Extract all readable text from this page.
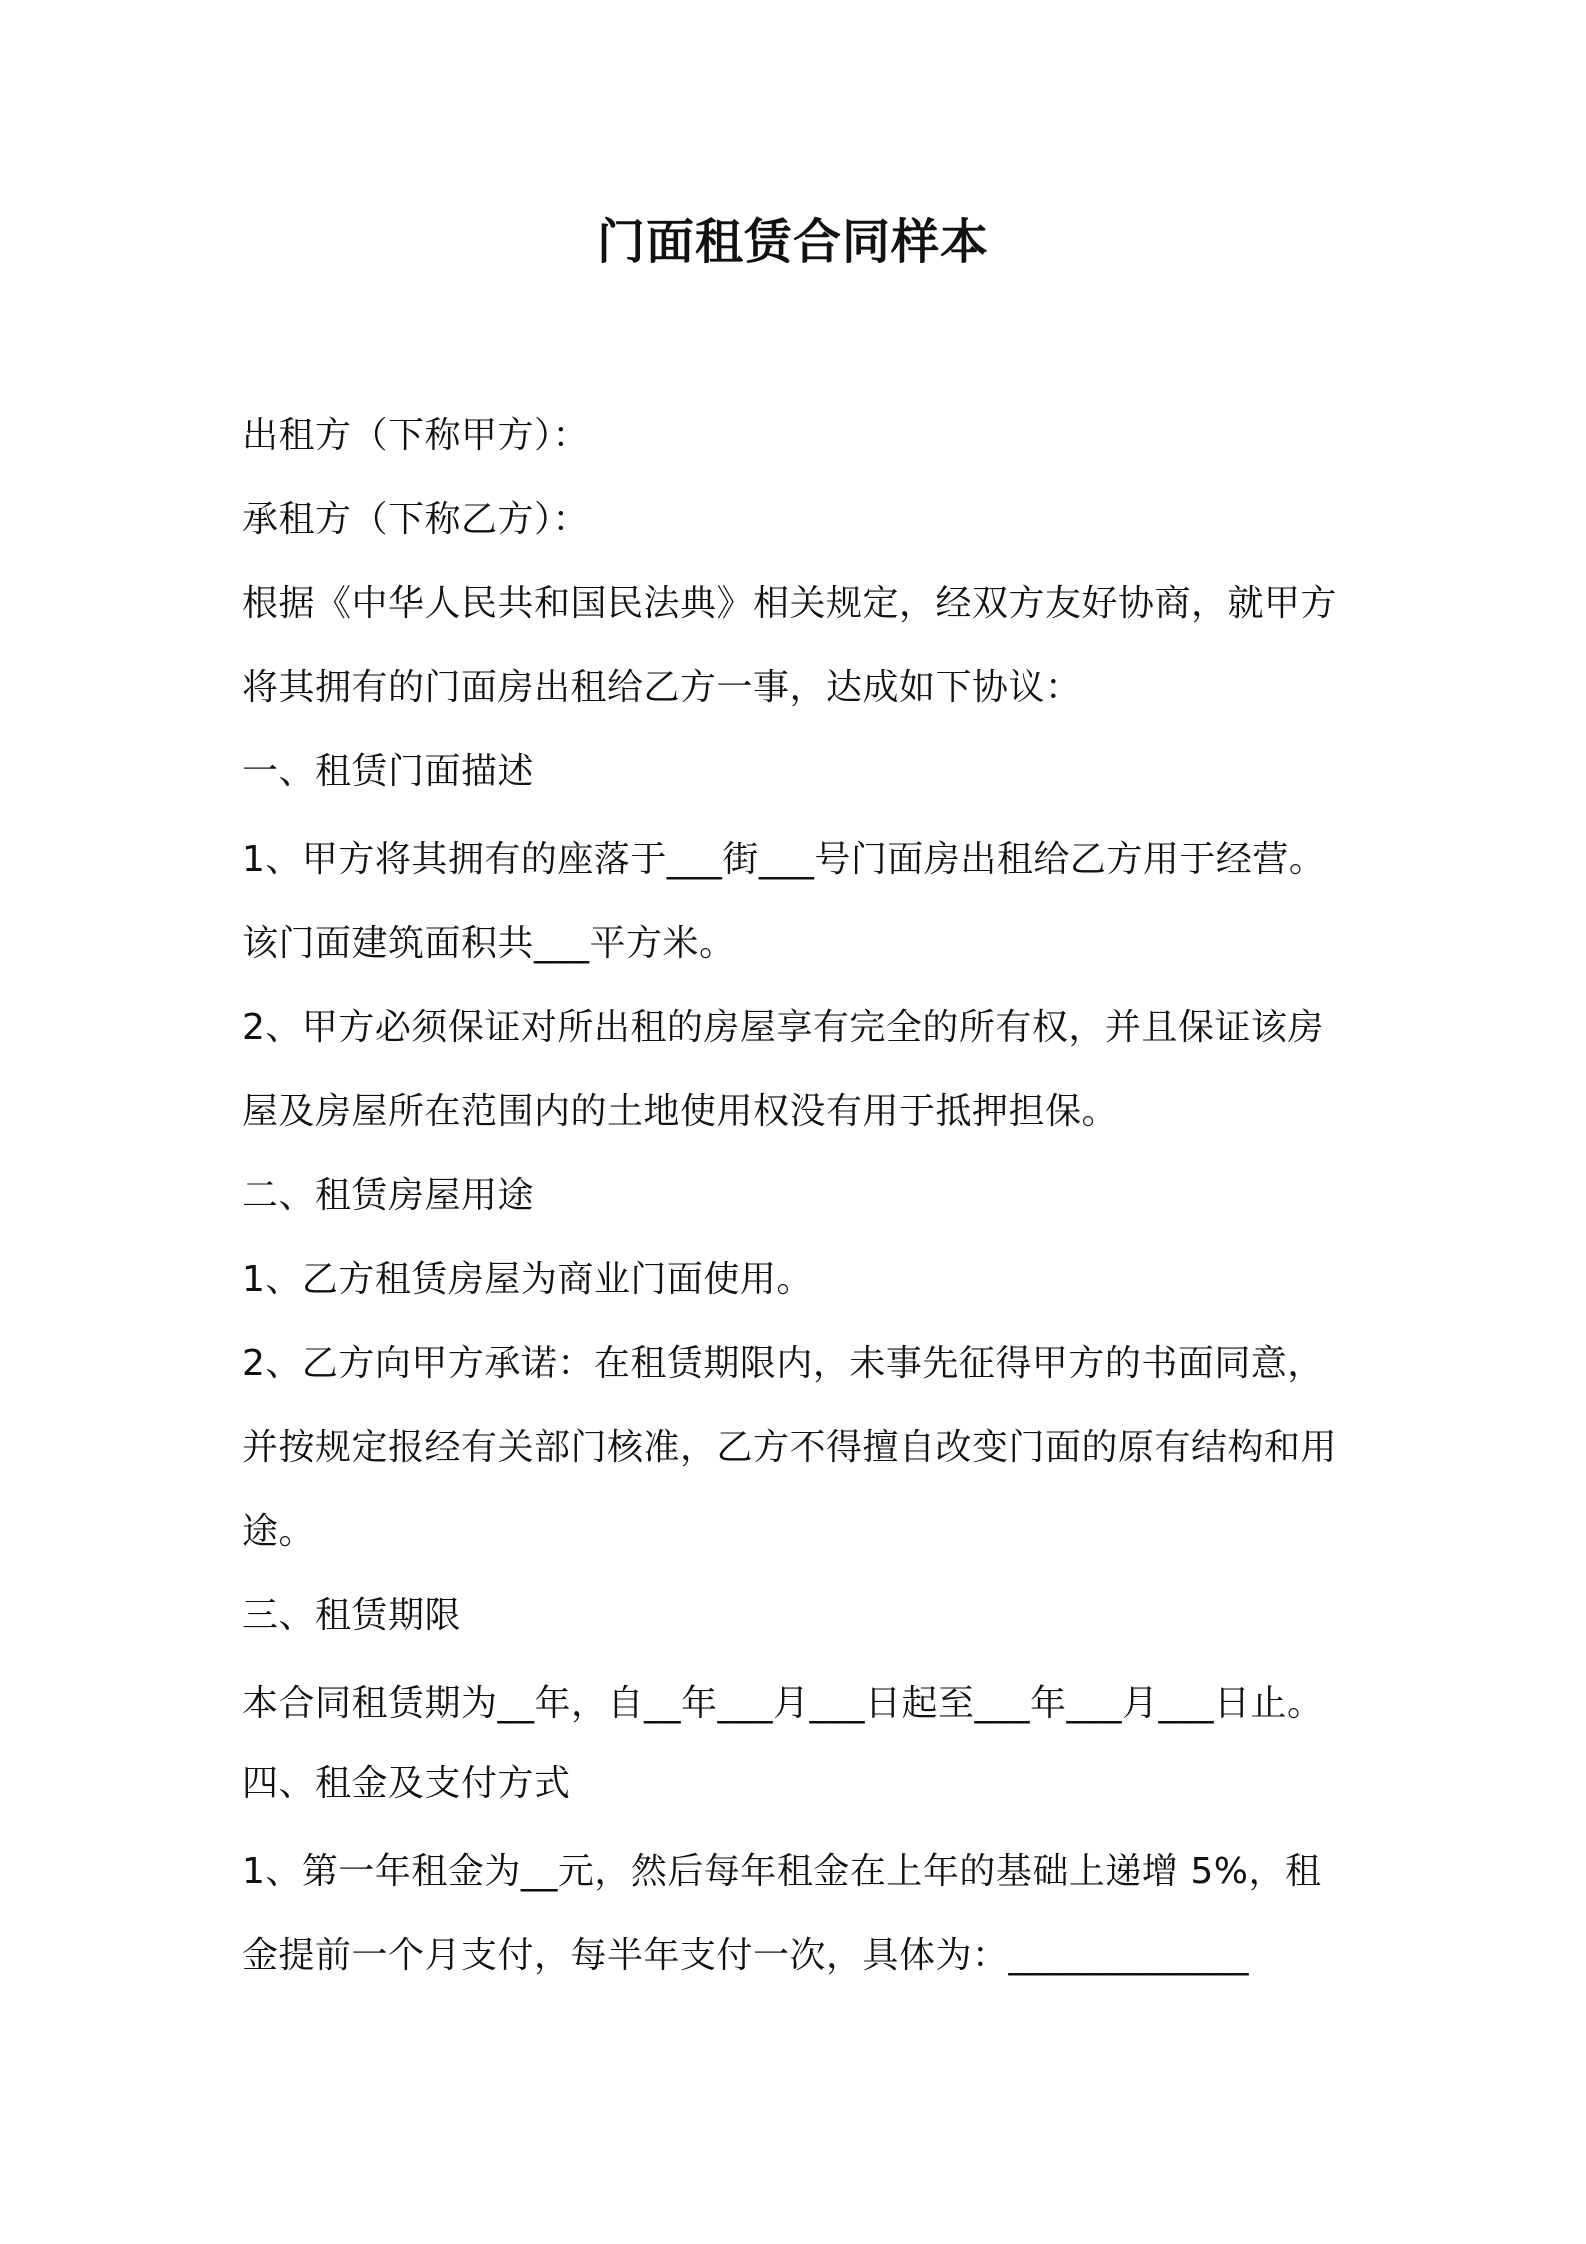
门面租赁合同样本
出租方（下称甲方）：
承租方（下称乙方）：
根据《中华人民共和国民法典》相关规定，经双方友好协商，就甲方
将其拥有的门面房出租给乙方一事，达成如下协议：
一、租赁门面描述
1、甲方将其拥有的座落于___街___号门面房出租给乙方用于经营。
该门面建筑面积共___平方米。
2、甲方必须保证对所出租的房屋享有完全的所有权，并且保证该房
屋及房屋所在范围内的土地使用权没有用于抵押担保。
二、租赁房屋用途
1、乙方租赁房屋为商业门面使用。
2、乙方向甲方承诺：在租赁期限内，未事先征得甲方的书面同意，
并按规定报经有关部门核准，乙方不得擅自改变门面的原有结构和用
途。
三、租赁期限
本合同租赁期为__年，自__年___月___日起至___年___月___日止。
四、租金及支付方式
1、第一年租金为__元，然后每年租金在上年的基础上递增 5%，租
金提前一个月支付，每半年支付一次，具体为：_____________
